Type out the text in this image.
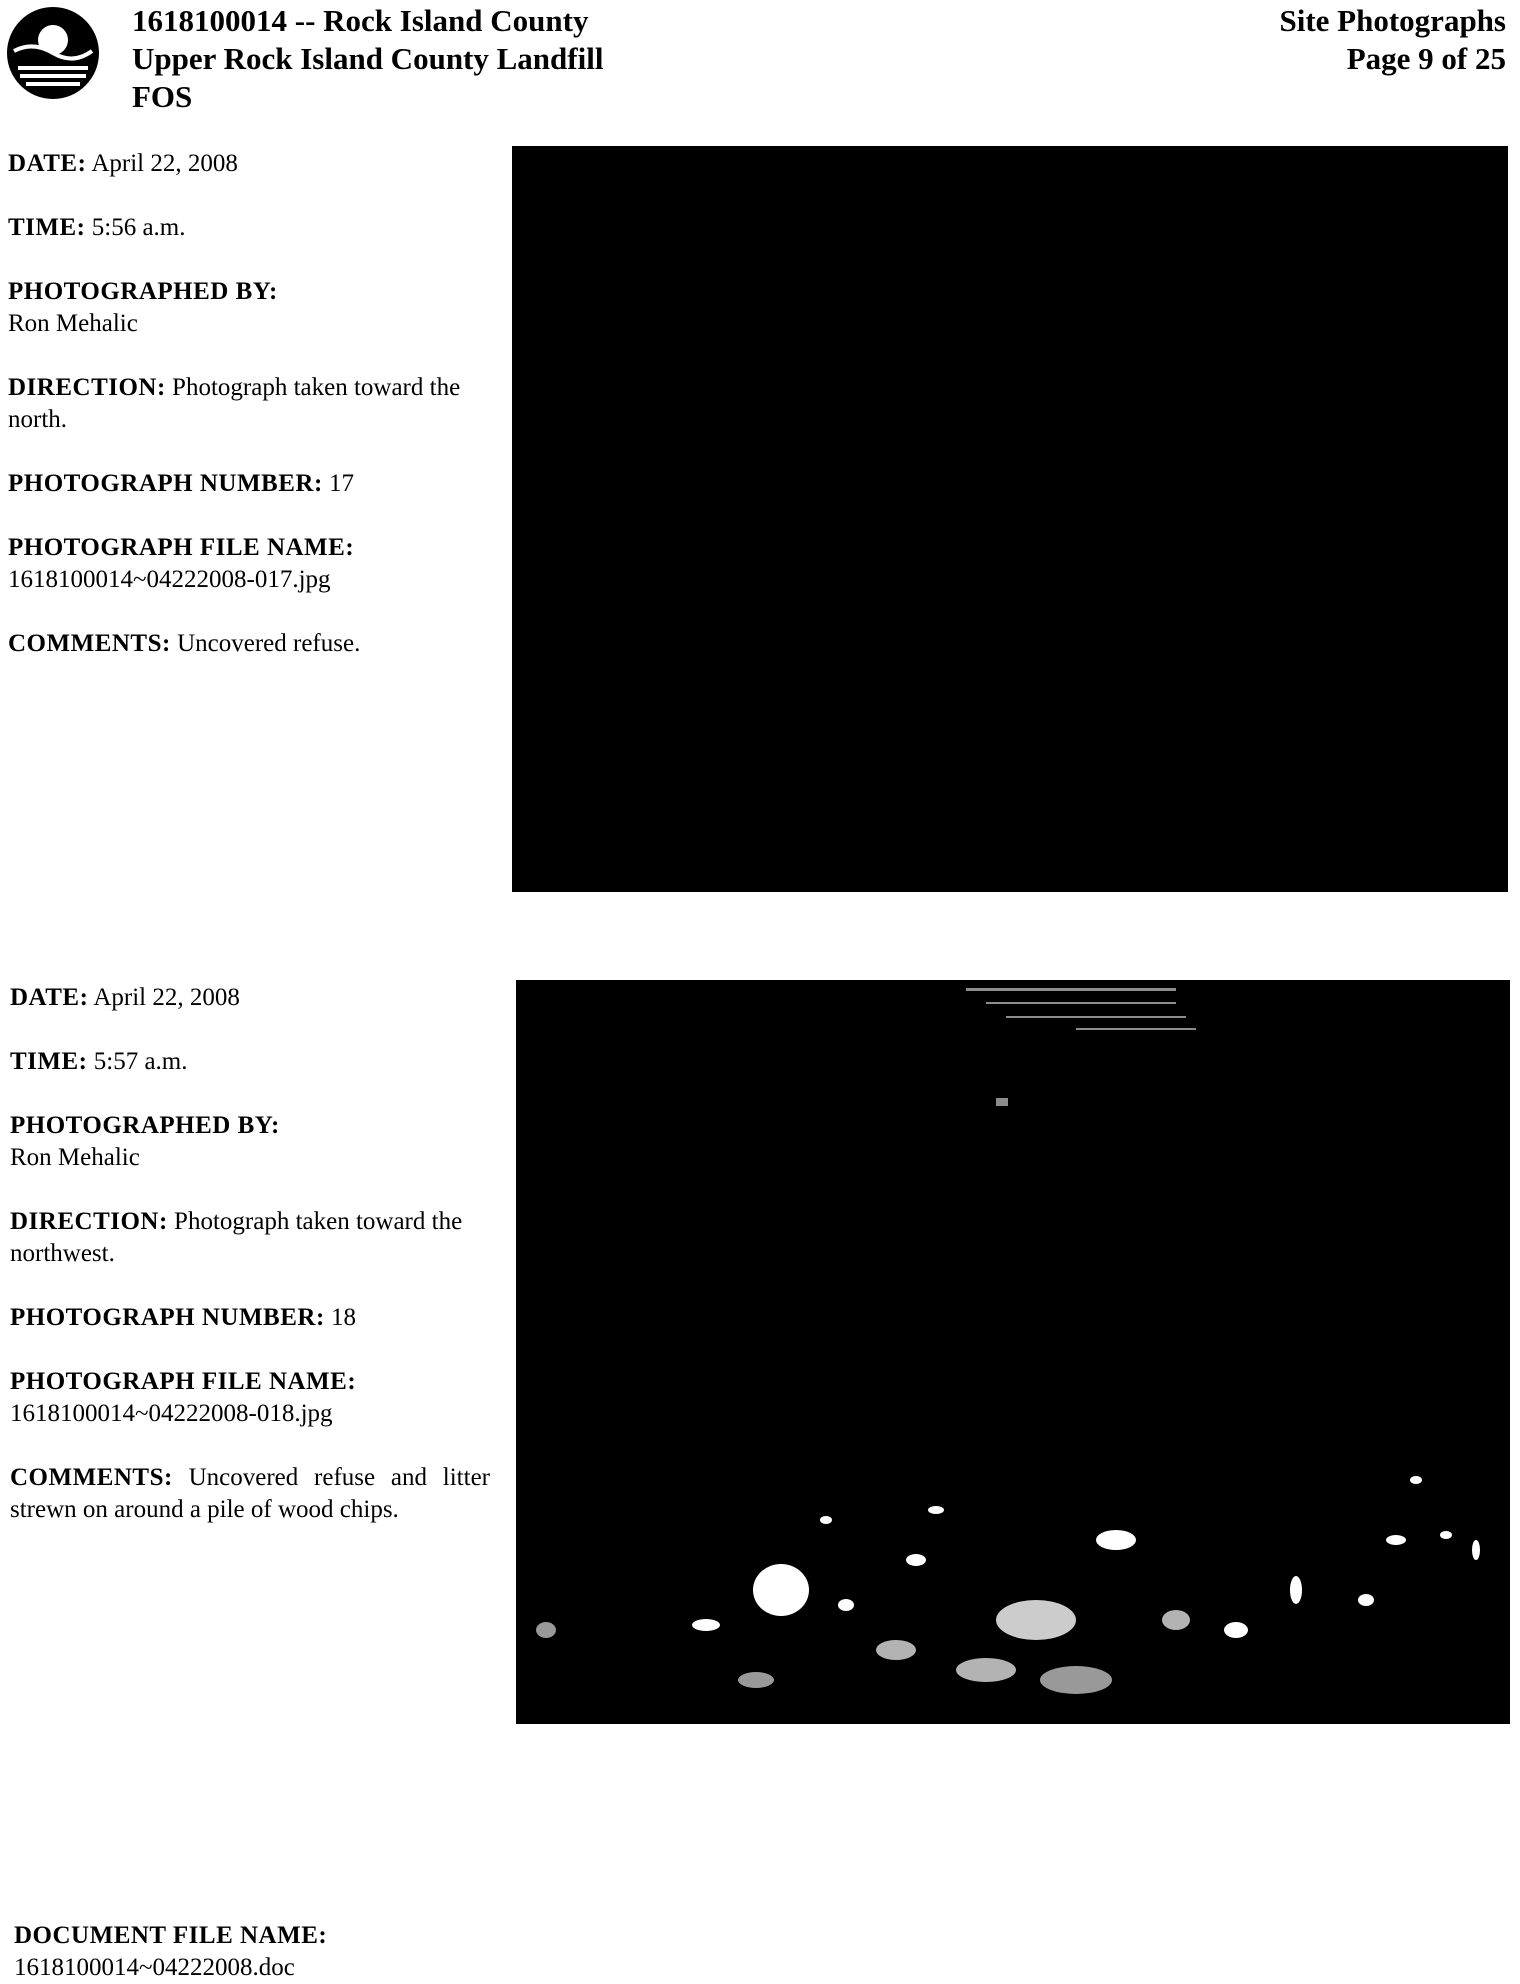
1618100014 -- Rock Island County
Upper Rock Island County Landfill
FOS
Site Photographs
Page 9 of 25
DATE: April 22, 2008
TIME: 5:56 a.m.
PHOTOGRAPHED BY:
Ron Mehalic
DIRECTION: Photograph taken toward the north.
PHOTOGRAPH NUMBER: 17
PHOTOGRAPH FILE NAME:
1618100014~04222008-017.jpg
COMMENTS: Uncovered refuse.
DATE: April 22, 2008
TIME: 5:57 a.m.
PHOTOGRAPHED BY:
Ron Mehalic
DIRECTION: Photograph taken toward the northwest.
PHOTOGRAPH NUMBER: 18
PHOTOGRAPH FILE NAME:
1618100014~04222008-018.jpg
COMMENTS: Uncovered refuse and litter strewn on around a pile of wood chips.
DOCUMENT FILE NAME:
1618100014~04222008.doc
